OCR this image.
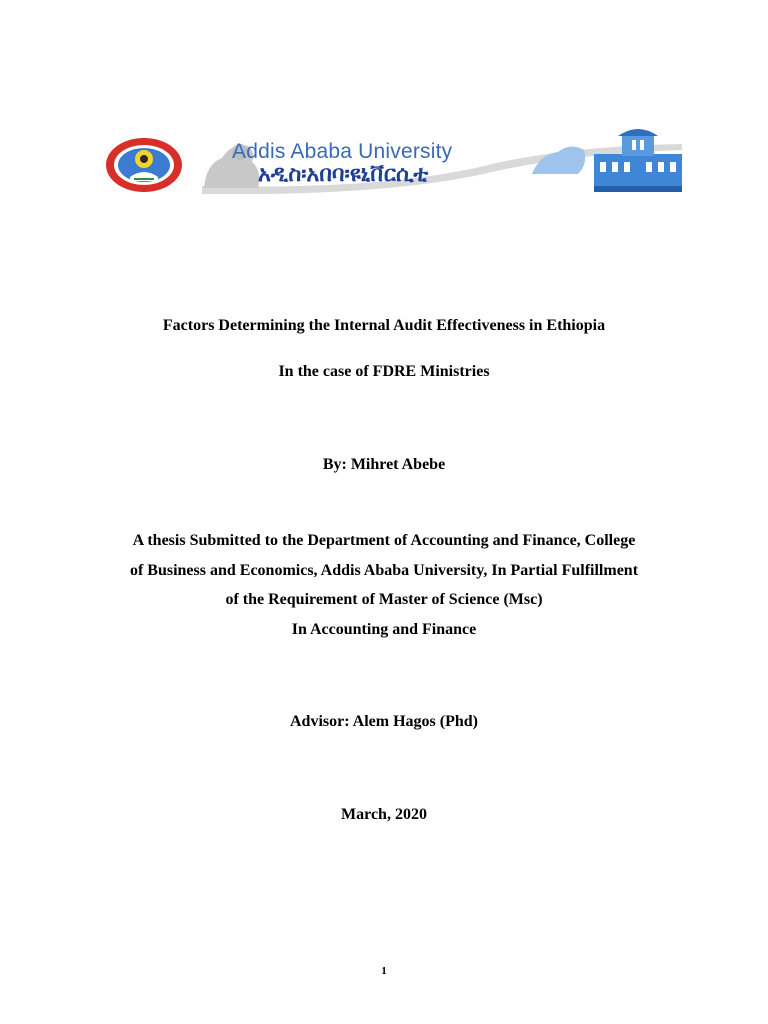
Addis Ababa University
አዲስ፡አበባ፡ዩኒቨርሲቲ
Factors Determining the Internal Audit Effectiveness in Ethiopia
In the case of FDRE Ministries
By: Mihret Abebe
A thesis Submitted to the Department of Accounting and Finance, College
of Business and Economics, Addis Ababa University, In Partial Fulfillment
of the Requirement of Master of Science (Msc)
In Accounting and Finance
Advisor: Alem Hagos (Phd)
March, 2020
1
